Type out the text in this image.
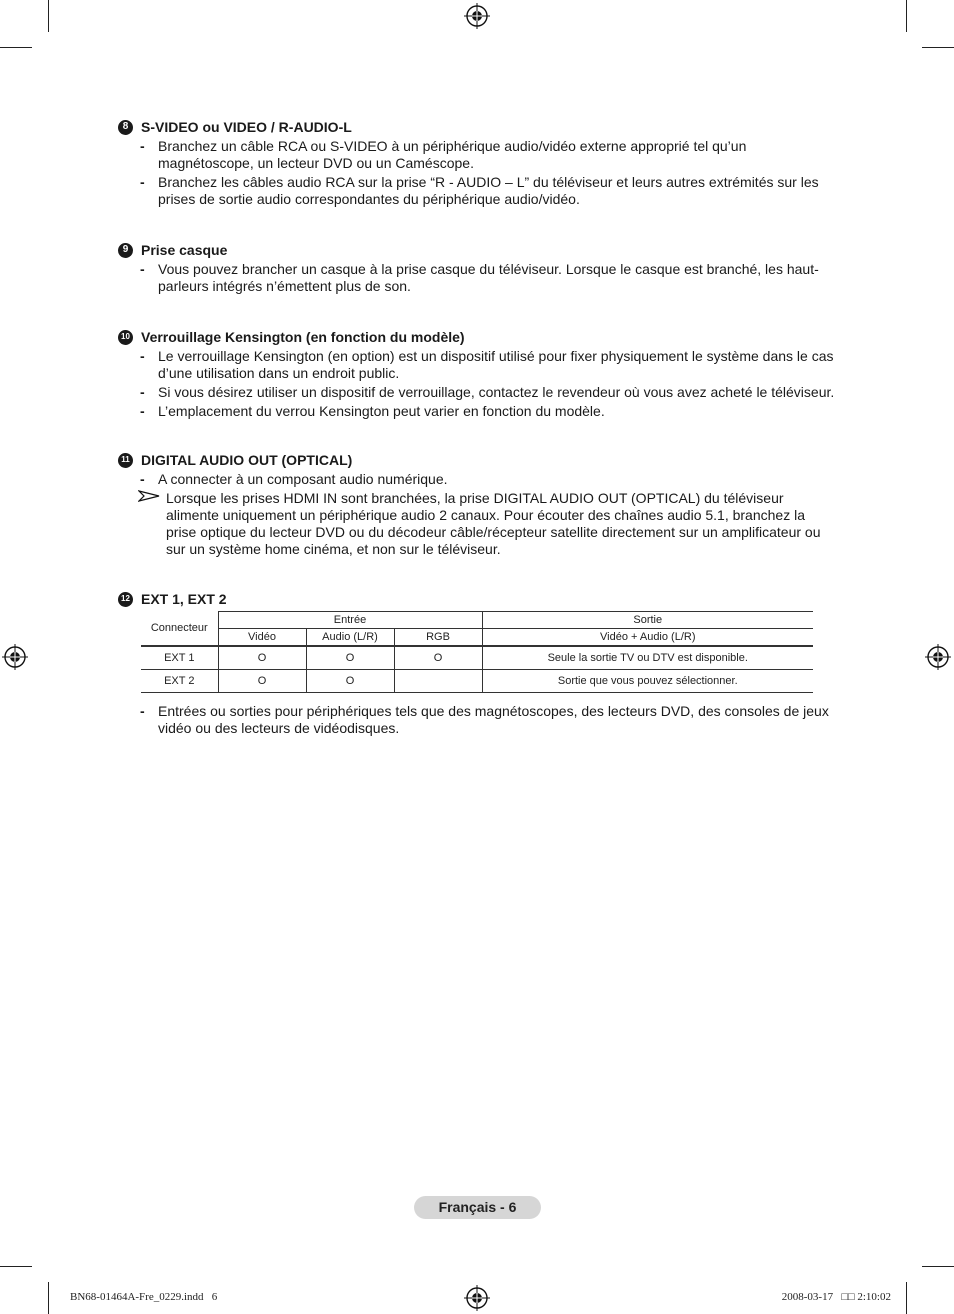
8 S-VIDEO ou VIDEO / R-AUDIO-L
- Branchez un câble RCA ou S-VIDEO à un périphérique audio/vidéo externe approprié tel qu’un magnétoscope, un lecteur DVD ou un Caméscope.
- Branchez les câbles audio RCA sur la prise “R - AUDIO – L” du téléviseur et leurs autres extrémités sur les prises de sortie audio correspondantes du périphérique audio/vidéo.
9 Prise casque
- Vous pouvez brancher un casque à la prise casque du téléviseur. Lorsque le casque est branché, les haut-parleurs intégrés n’émettent plus de son.
10 Verrouillage Kensington (en fonction du modèle)
- Le verrouillage Kensington (en option) est un dispositif utilisé pour fixer physiquement le système dans le cas d’une utilisation dans un endroit public.
- Si vous désirez utiliser un dispositif de verrouillage, contactez le revendeur où vous avez acheté le téléviseur.
- L’emplacement du verrou Kensington peut varier en fonction du modèle.
11 DIGITAL AUDIO OUT (OPTICAL)
- A connecter à un composant audio numérique.
Lorsque les prises HDMI IN sont branchées, la prise DIGITAL AUDIO OUT (OPTICAL) du téléviseur alimente uniquement un périphérique audio 2 canaux. Pour écouter des chaînes audio 5.1, branchez la prise optique du lecteur DVD ou du décodeur câble/récepteur satellite directement sur un amplificateur ou sur un système home cinéma, et non sur le téléviseur.
12 EXT 1, EXT 2
Connecteur	Entrée			Sortie
	Vidéo	Audio (L/R)	RGB	Vidéo + Audio (L/R)
EXT 1	O	O	O	Seule la sortie TV ou DTV est disponible.
EXT 2	O	O		Sortie que vous pouvez sélectionner.
- Entrées ou sorties pour périphériques tels que des magnétoscopes, des lecteurs DVD, des consoles de jeux vidéo ou des lecteurs de vidéodisques.
Français - 6
BN68-01464A-Fre_0229.indd   6	2008-03-17   □□ 2:10:02
